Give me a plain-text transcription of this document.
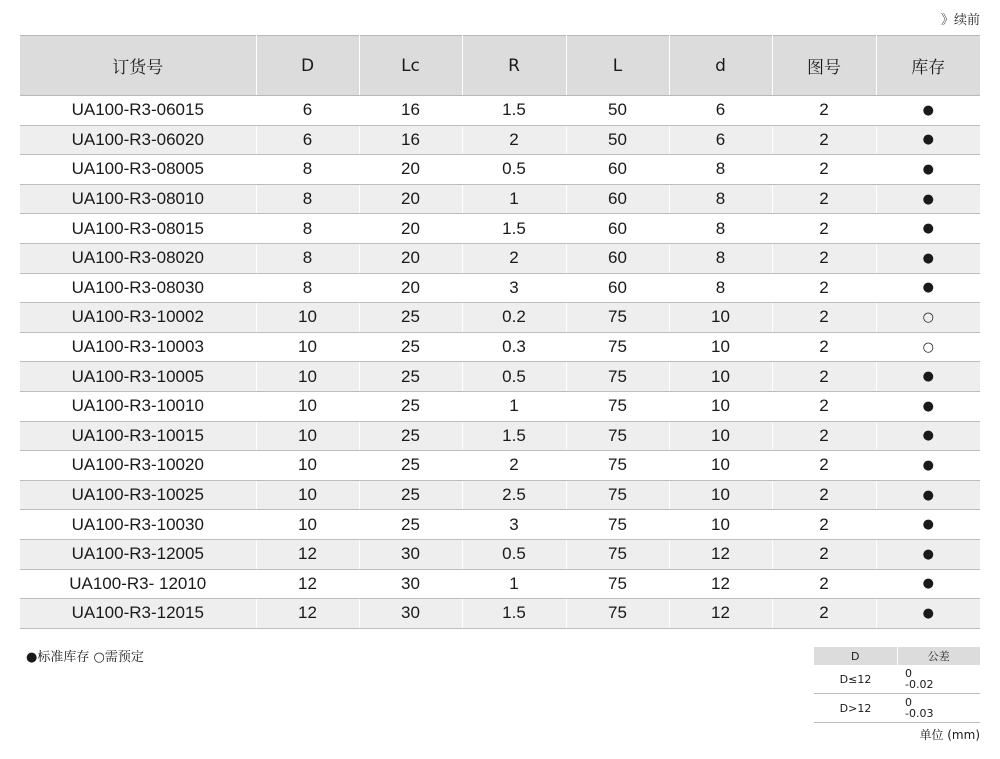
》续前
订货号	D	Lc	R	L	d	图号	库存
UA100-R3-06015	6	16	1.5	50	6	2	●
UA100-R3-06020	6	16	2	50	6	2	●
UA100-R3-08005	8	20	0.5	60	8	2	●
UA100-R3-08010	8	20	1	60	8	2	●
UA100-R3-08015	8	20	1.5	60	8	2	●
UA100-R3-08020	8	20	2	60	8	2	●
UA100-R3-08030	8	20	3	60	8	2	●
UA100-R3-10002	10	25	0.2	75	10	2	○
UA100-R3-10003	10	25	0.3	75	10	2	○
UA100-R3-10005	10	25	0.5	75	10	2	●
UA100-R3-10010	10	25	1	75	10	2	●
UA100-R3-10015	10	25	1.5	75	10	2	●
UA100-R3-10020	10	25	2	75	10	2	●
UA100-R3-10025	10	25	2.5	75	10	2	●
UA100-R3-10030	10	25	3	75	10	2	●
UA100-R3-12005	12	30	0.5	75	12	2	●
UA100-R3- 12010	12	30	1	75	12	2	●
UA100-R3-12015	12	30	1.5	75	12	2	●
●标准库存 ○需预定	D	公差
D≤12	0
-0.02

D>12	0
-0.03
单位 (mm)
